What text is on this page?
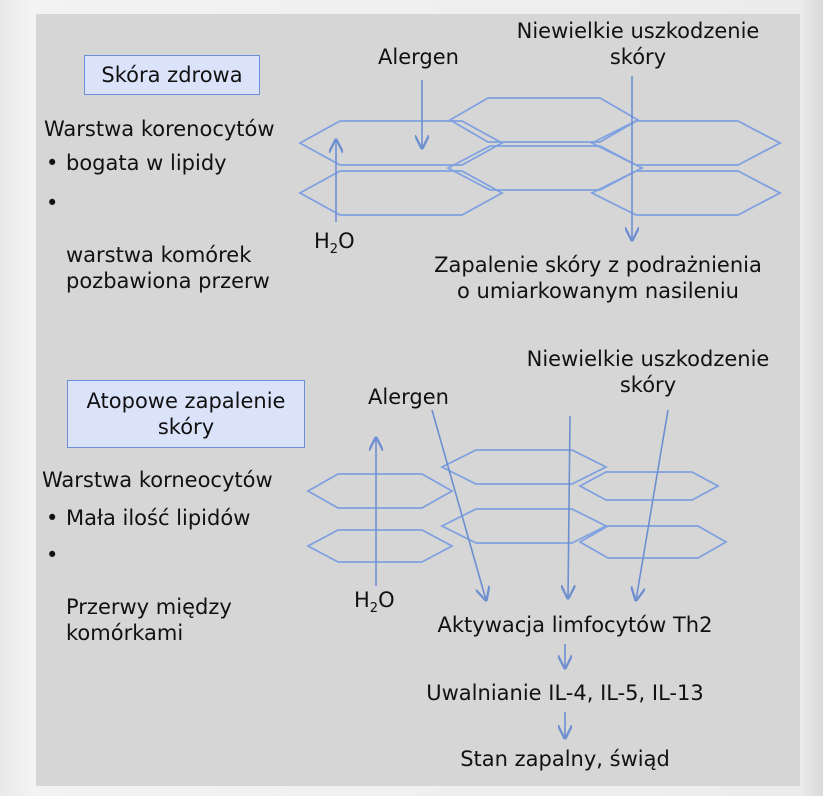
Skóra zdrowa
Alergen
Niewielkie uszkodzenie
skóry
Warstwa korenocytów
• bogata w lipidy

•

warstwa komórek
pozbawiona przerw

$H_2O$
Zapalenie skóry z podrażnienia
o umiarkowanym nasileniu
Atopowe zapalenie
skóry
Alergen
Niewielkie uszkodzenie
skóry
Warstwa korneocytów
• Mała ilość lipidów

•

Przerwy między
komórkami

$H_2O$
Aktywacja limfocytów Th2
Uwalnianie IL-4, IL-5, IL-13
Stan zapalny, świąd
